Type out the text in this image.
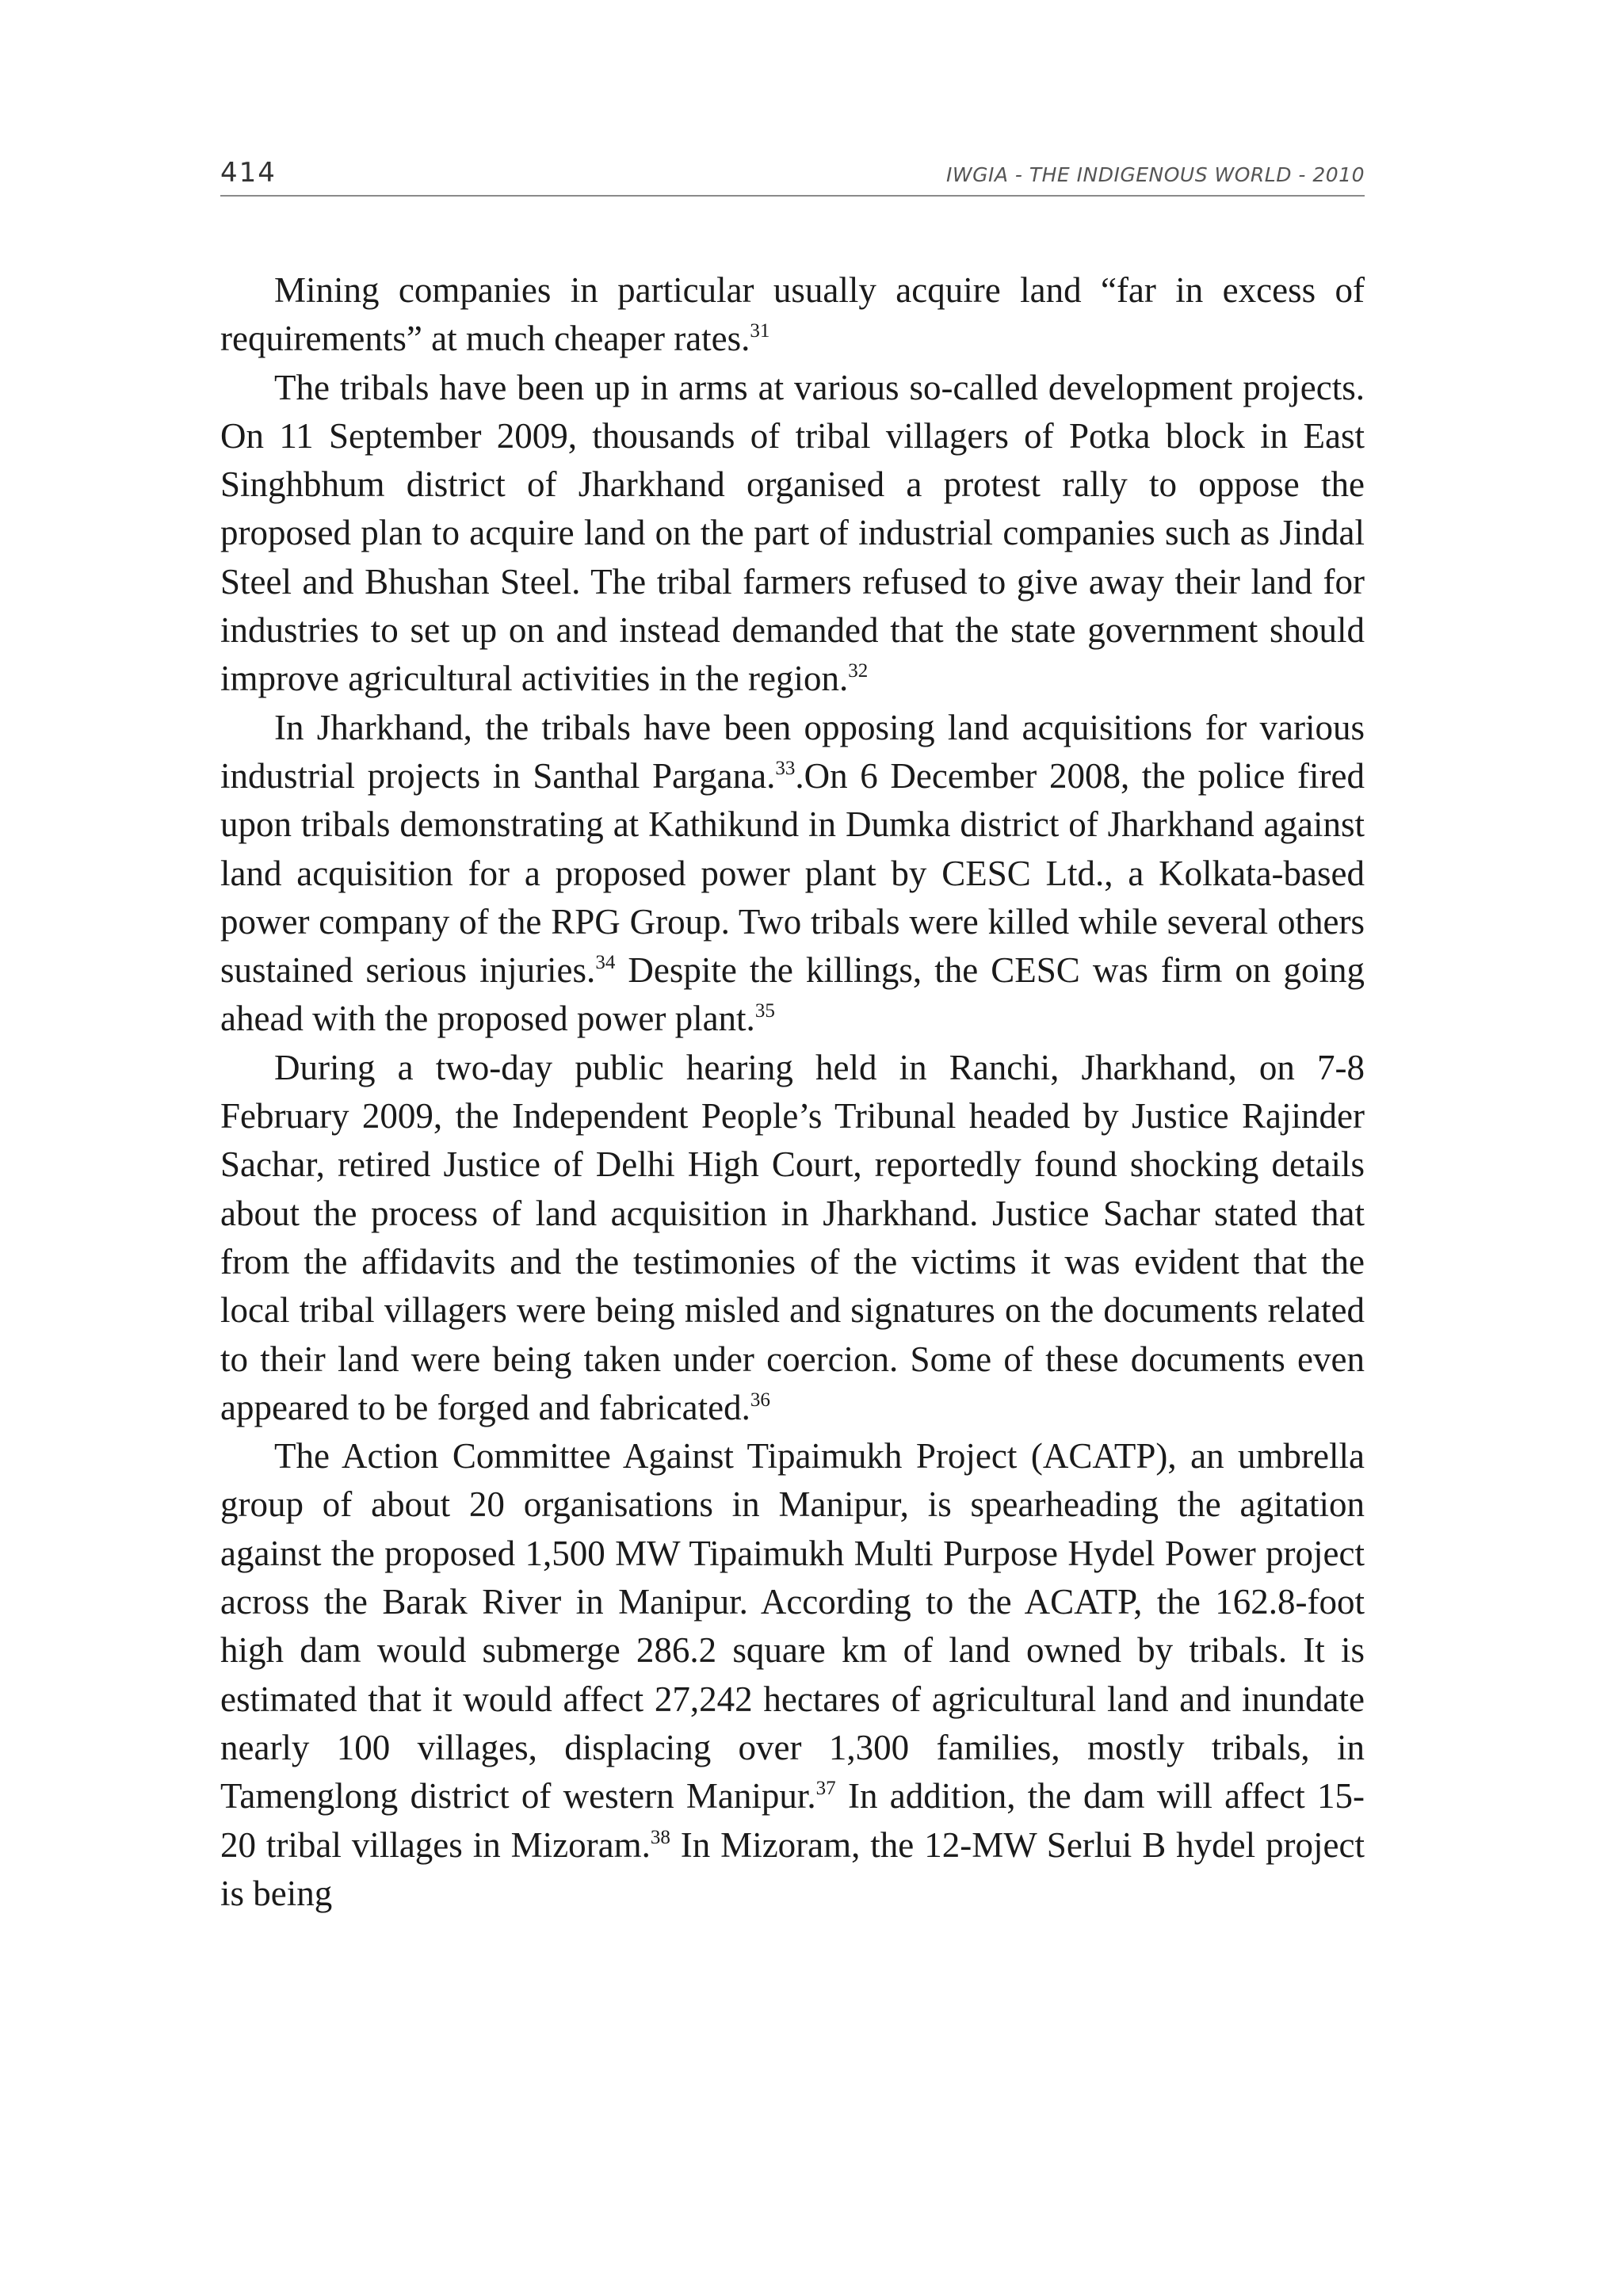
414	IWGIA - THE INDIGENOUS WORLD - 2010

Mining companies in particular usually acquire land “far in excess of requirements” at much cheaper rates.$^{31}$

The tribals have been up in arms at various so-called development projects. On 11 September 2009, thousands of tribal villagers of Potka block in East Singhbhum district of Jharkhand organised a protest rally to oppose the proposed plan to acquire land on the part of industrial companies such as Jindal Steel and Bhushan Steel. The tribal farmers refused to give away their land for industries to set up on and instead demanded that the state government should improve agricultural activities in the region.$^{32}$

In Jharkhand, the tribals have been opposing land acquisitions for various industrial projects in Santhal Pargana.$^{33}$.On 6 December 2008, the police fired upon tribals demonstrating at Kathikund in Dumka district of Jharkhand against land acquisition for a proposed power plant by CESC Ltd., a Kolkata-based power company of the RPG Group. Two tribals were killed while several others sustained serious injuries.$^{34}$ Despite the killings, the CESC was firm on going ahead with the proposed power plant.$^{35}$

During a two-day public hearing held in Ranchi, Jharkhand, on 7-8 February 2009, the Independent People’s Tribunal headed by Justice Rajinder Sachar, retired Justice of Delhi High Court, reportedly found shocking details about the process of land acquisition in Jharkhand. Justice Sachar stated that from the affidavits and the testimonies of the victims it was evident that the local tribal villagers were being misled and signatures on the documents related to their land were being taken under coercion. Some of these documents even appeared to be forged and fabricated.$^{36}$

The Action Committee Against Tipaimukh Project (ACATP), an umbrella group of about 20 organisations in Manipur, is spearheading the agitation against the proposed 1,500 MW Tipaimukh Multi Purpose Hydel Power project across the Barak River in Manipur. According to the ACATP, the 162.8-foot high dam would submerge 286.2 square km of land owned by tribals. It is estimated that it would affect 27,242 hectares of agricultural land and inundate nearly 100 villages, displacing over 1,300 families, mostly tribals, in Tamenglong district of western Manipur.$^{37}$ In addition, the dam will affect 15-20 tribal villages in Mizoram.$^{38}$ In Mizoram, the 12-MW Serlui B hydel project is being
